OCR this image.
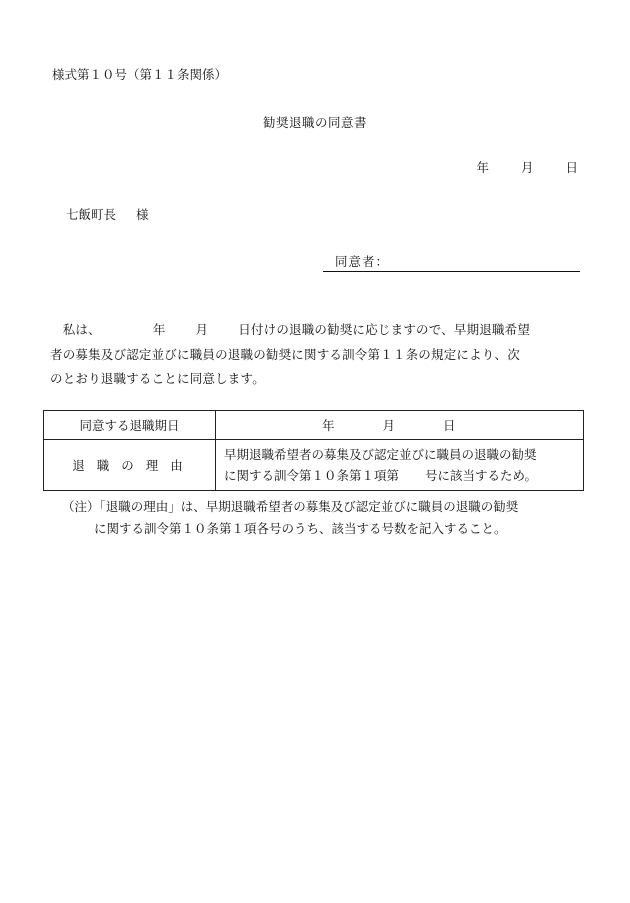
様式第１０号（第１１条関係）
勧奨退職の同意書
年	月	日
七飯町長 様
同意者：
　私は、	年 月 日付けの退職の勧奨に応じますので、早期退職希望
者の募集及び認定並びに職員の退職の勧奨に関する訓令第１１条の規定により、次
のとおり退職することに同意します。
同意する退職期日	年 月 日
退職の理由	早期退職希望者の募集及び認定並びに職員の退職の勧奨
に関する訓令第１０条第１項第 号に該当するため。
（注）「退職の理由」は、早期退職希望者の募集及び認定並びに職員の退職の勧奨
に関する訓令第１０条第１項各号のうち、該当する号数を記入すること。
